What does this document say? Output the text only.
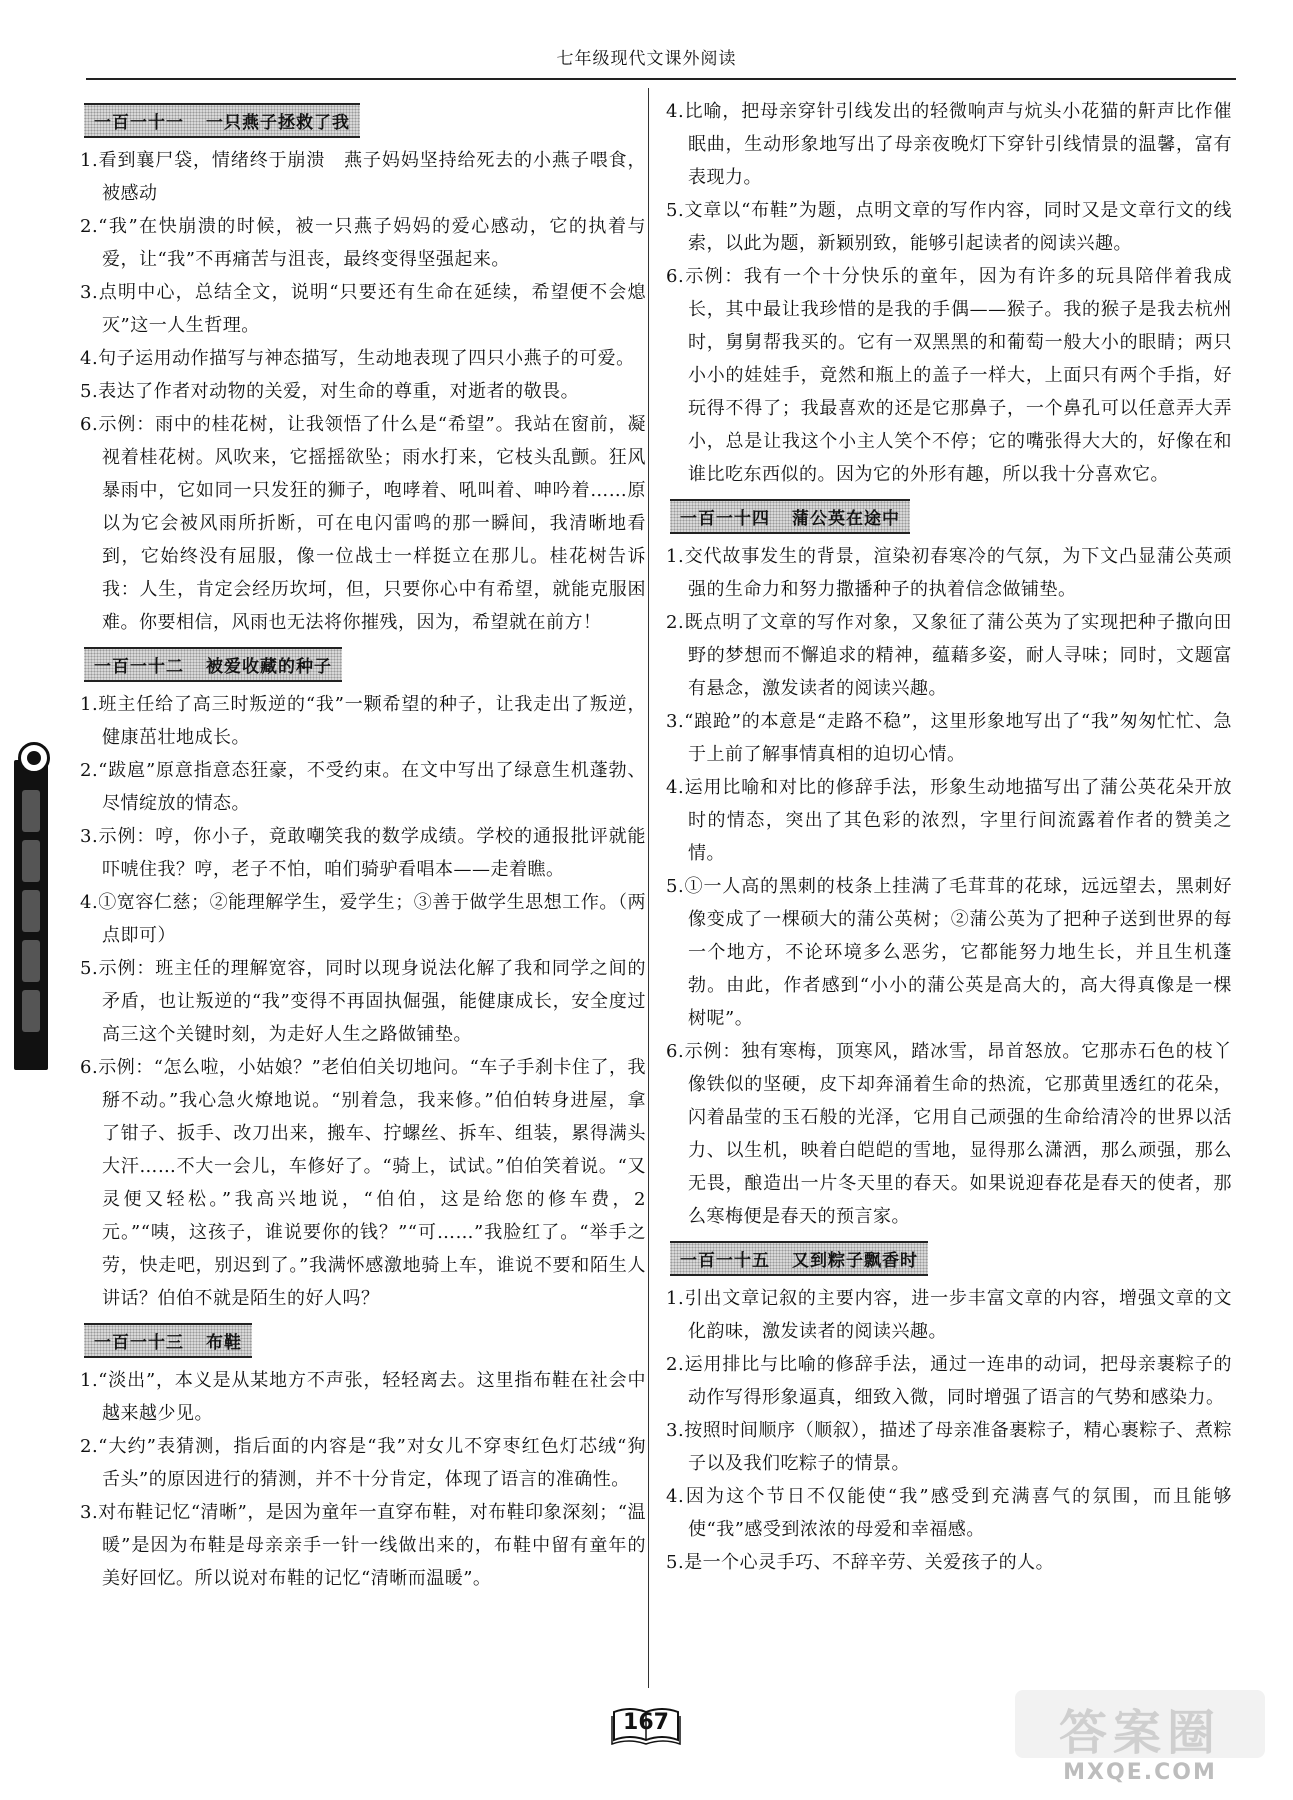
七年级现代文课外阅读
一百一十一 一只燕子拯救了我
1.看到襄尸袋，情绪终于崩溃　燕子妈妈坚持给死去的小燕子喂食，被感动
2.“我”在快崩溃的时候，被一只燕子妈妈的爱心感动，它的执着与爱，让“我”不再痛苦与沮丧，最终变得坚强起来。
3.点明中心，总结全文，说明“只要还有生命在延续，希望便不会熄灭”这一人生哲理。
4.句子运用动作描写与神态描写，生动地表现了四只小燕子的可爱。
5.表达了作者对动物的关爱，对生命的尊重，对逝者的敬畏。
6.示例：雨中的桂花树，让我领悟了什么是“希望”。我站在窗前，凝视着桂花树。风吹来，它摇摇欲坠；雨水打来，它枝头乱颤。狂风暴雨中，它如同一只发狂的狮子，咆哮着、吼叫着、呻吟着……原以为它会被风雨所折断，可在电闪雷鸣的那一瞬间，我清晰地看到，它始终没有屈服，像一位战士一样挺立在那儿。桂花树告诉我：人生，肯定会经历坎坷，但，只要你心中有希望，就能克服困难。你要相信，风雨也无法将你摧残，因为，希望就在前方！
一百一十二 被爱收藏的种子
1.班主任给了高三时叛逆的“我”一颗希望的种子，让我走出了叛逆，健康茁壮地成长。
2.“跋扈”原意指意态狂豪，不受约束。在文中写出了绿意生机蓬勃、尽情绽放的情态。
3.示例：哼，你小子，竟敢嘲笑我的数学成绩。学校的通报批评就能吓唬住我？哼，老子不怕，咱们骑驴看唱本——走着瞧。
4.①宽容仁慈；②能理解学生，爱学生；③善于做学生思想工作。（两点即可）
5.示例：班主任的理解宽容，同时以现身说法化解了我和同学之间的矛盾，也让叛逆的“我”变得不再固执倔强，能健康成长，安全度过高三这个关键时刻，为走好人生之路做铺垫。
6.示例：“怎么啦，小姑娘？”老伯伯关切地问。“车子手刹卡住了，我掰不动。”我心急火燎地说。“别着急，我来修。”伯伯转身进屋，拿了钳子、扳手、改刀出来，搬车、拧螺丝、拆车、组装，累得满头大汗……不大一会儿，车修好了。“骑上，试试。”伯伯笑着说。“又灵便又轻松。”我高兴地说，“伯伯，这是给您的修车费，2元。”“咦，这孩子，谁说要你的钱？”“可……”我脸红了。“举手之劳，快走吧，别迟到了。”我满怀感激地骑上车，谁说不要和陌生人讲话？伯伯不就是陌生的好人吗？
一百一十三 布鞋
1.“淡出”，本义是从某地方不声张，轻轻离去。这里指布鞋在社会中越来越少见。
2.“大约”表猜测，指后面的内容是“我”对女儿不穿枣红色灯芯绒“狗舌头”的原因进行的猜测，并不十分肯定，体现了语言的准确性。
3.对布鞋记忆“清晰”，是因为童年一直穿布鞋，对布鞋印象深刻；“温暖”是因为布鞋是母亲亲手一针一线做出来的，布鞋中留有童年的美好回忆。所以说对布鞋的记忆“清晰而温暖”。
4.比喻，把母亲穿针引线发出的轻微响声与炕头小花猫的鼾声比作催眠曲，生动形象地写出了母亲夜晚灯下穿针引线情景的温馨，富有表现力。
5.文章以“布鞋”为题，点明文章的写作内容，同时又是文章行文的线索，以此为题，新颖别致，能够引起读者的阅读兴趣。
6.示例：我有一个十分快乐的童年，因为有许多的玩具陪伴着我成长，其中最让我珍惜的是我的手偶——猴子。我的猴子是我去杭州时，舅舅帮我买的。它有一双黑黑的和葡萄一般大小的眼睛；两只小小的娃娃手，竟然和瓶上的盖子一样大，上面只有两个手指，好玩得不得了；我最喜欢的还是它那鼻子，一个鼻孔可以任意弄大弄小，总是让我这个小主人笑个不停；它的嘴张得大大的，好像在和谁比吃东西似的。因为它的外形有趣，所以我十分喜欢它。
一百一十四 蒲公英在途中
1.交代故事发生的背景，渲染初春寒冷的气氛，为下文凸显蒲公英顽强的生命力和努力撒播种子的执着信念做铺垫。
2.既点明了文章的写作对象，又象征了蒲公英为了实现把种子撒向田野的梦想而不懈追求的精神，蕴藉多姿，耐人寻味；同时，文题富有悬念，激发读者的阅读兴趣。
3.“踉跄”的本意是“走路不稳”，这里形象地写出了“我”匆匆忙忙、急于上前了解事情真相的迫切心情。
4.运用比喻和对比的修辞手法，形象生动地描写出了蒲公英花朵开放时的情态，突出了其色彩的浓烈，字里行间流露着作者的赞美之情。
5.①一人高的黑刺的枝条上挂满了毛茸茸的花球，远远望去，黑刺好像变成了一棵硕大的蒲公英树；②蒲公英为了把种子送到世界的每一个地方，不论环境多么恶劣，它都能努力地生长，并且生机蓬勃。由此，作者感到“小小的蒲公英是高大的，高大得真像是一棵树呢”。
6.示例：独有寒梅，顶寒风，踏冰雪，昂首怒放。它那赤石色的枝丫像铁似的坚硬，皮下却奔涌着生命的热流，它那黄里透红的花朵，闪着晶莹的玉石般的光泽，它用自己顽强的生命给清冷的世界以活力、以生机，映着白皑皑的雪地，显得那么潇洒，那么顽强，那么无畏，酿造出一片冬天里的春天。如果说迎春花是春天的使者，那么寒梅便是春天的预言家。
一百一十五 又到粽子飘香时
1.引出文章记叙的主要内容，进一步丰富文章的内容，增强文章的文化韵味，激发读者的阅读兴趣。
2.运用排比与比喻的修辞手法，通过一连串的动词，把母亲裹粽子的动作写得形象逼真，细致入微，同时增强了语言的气势和感染力。
3.按照时间顺序（顺叙），描述了母亲准备裹粽子，精心裹粽子、煮粽子以及我们吃粽子的情景。
4.因为这个节日不仅能使“我”感受到充满喜气的氛围，而且能够使“我”感受到浓浓的母爱和幸福感。
5.是一个心灵手巧、不辞辛劳、关爱孩子的人。
167	答案圈
MXQE.COM
